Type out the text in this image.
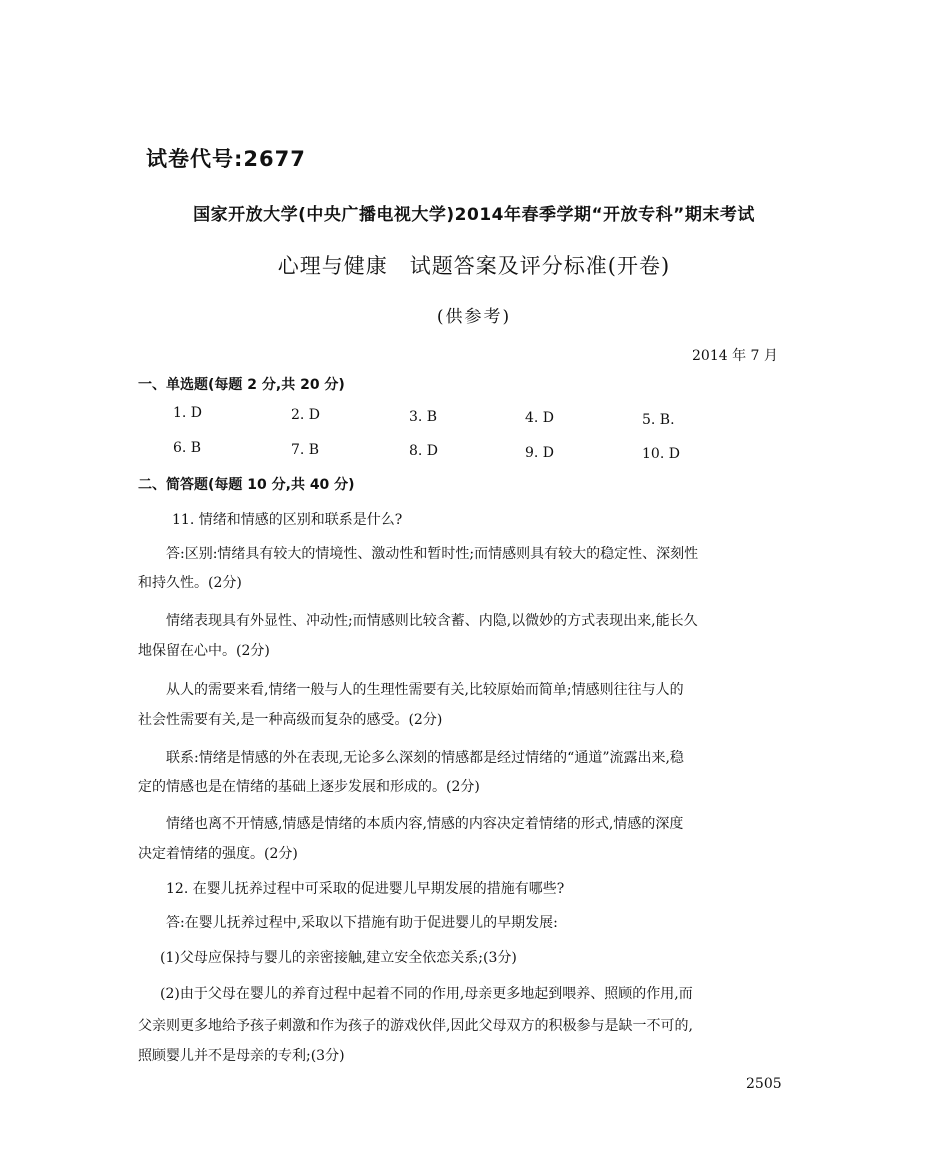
试卷代号:2677
国家开放大学(中央广播电视大学)2014年春季学期“开放专科”期末考试
心理与健康　试题答案及评分标准(开卷)
(供参考)
2014 年 7 月
一、单选题(每题 2 分,共 20 分)
1. D	2. D	3. B	4. D	5. B.
6. B	7. B	8. D	9. D	10. D
二、简答题(每题 10 分,共 40 分)
11. 情绪和情感的区别和联系是什么?
答:区别:情绪具有较大的情境性、激动性和暂时性;而情感则具有较大的稳定性、深刻性
和持久性。(2分)
情绪表现具有外显性、冲动性;而情感则比较含蓄、内隐,以微妙的方式表现出来,能长久
地保留在心中。(2分)
从人的需要来看,情绪一般与人的生理性需要有关,比较原始而简单;情感则往往与人的
社会性需要有关,是一种高级而复杂的感受。(2分)
联系:情绪是情感的外在表现,无论多么深刻的情感都是经过情绪的“通道”流露出来,稳
定的情感也是在情绪的基础上逐步发展和形成的。(2分)
情绪也离不开情感,情感是情绪的本质内容,情感的内容决定着情绪的形式,情感的深度
决定着情绪的强度。(2分)
12. 在婴儿抚养过程中可采取的促进婴儿早期发展的措施有哪些?
答:在婴儿抚养过程中,采取以下措施有助于促进婴儿的早期发展:
(1)父母应保持与婴儿的亲密接触,建立安全依恋关系;(3分)
(2)由于父母在婴儿的养育过程中起着不同的作用,母亲更多地起到喂养、照顾的作用,而
父亲则更多地给予孩子刺激和作为孩子的游戏伙伴,因此父母双方的积极参与是缺一不可的,
照顾婴儿并不是母亲的专利;(3分)
2505
